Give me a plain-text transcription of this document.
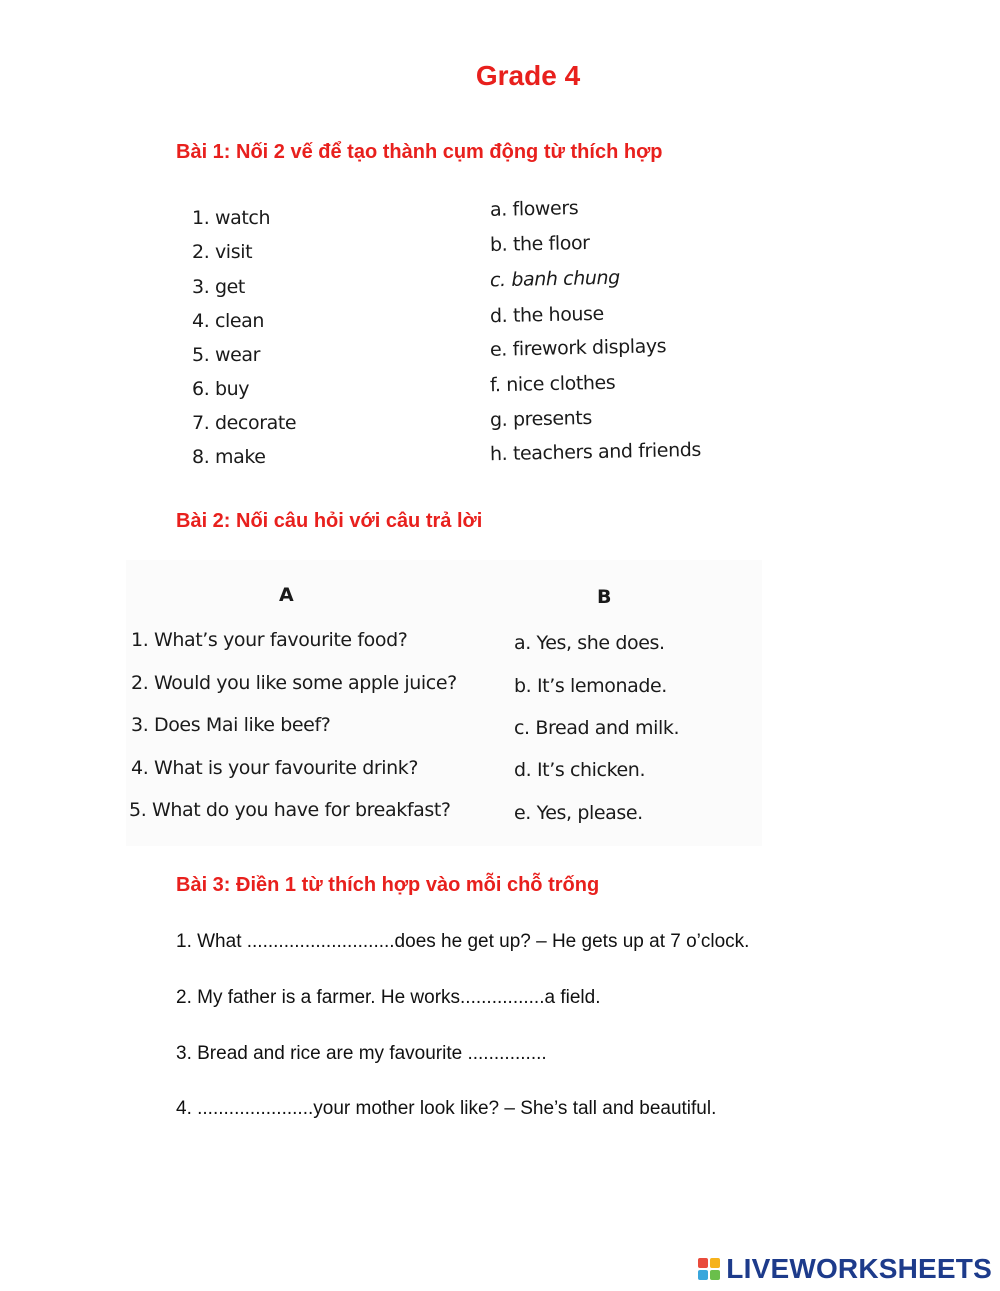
Grade 4
Bài 1: Nối 2 vế để tạo thành cụm động từ thích hợp
1. watch
2. visit
3. get
4. clean
5. wear
6. buy
7. decorate
8. make
a. flowers
b. the floor
c. banh chung
d. the house
e. firework displays
f. nice clothes
g. presents
h. teachers and friends
Bài 2: Nối câu hỏi với câu trả lời
A	B
1. What’s your favourite food?
2. Would you like some apple juice?
3. Does Mai like beef?
4. What is your favourite drink?
5. What do you have for breakfast?
a. Yes, she does.
b. It’s lemonade.
c. Bread and milk.
d. It’s chicken.
e. Yes, please.
Bài 3: Điền 1 từ thích hợp vào mỗi chỗ trống
1. What ............................does he get up? – He gets up at 7 o’clock.
2. My father is a farmer. He works................a field.
3. Bread and rice are my favourite ...............
4. ......................your mother look like? – She’s tall and beautiful.
LIVEWORKSHEETS
